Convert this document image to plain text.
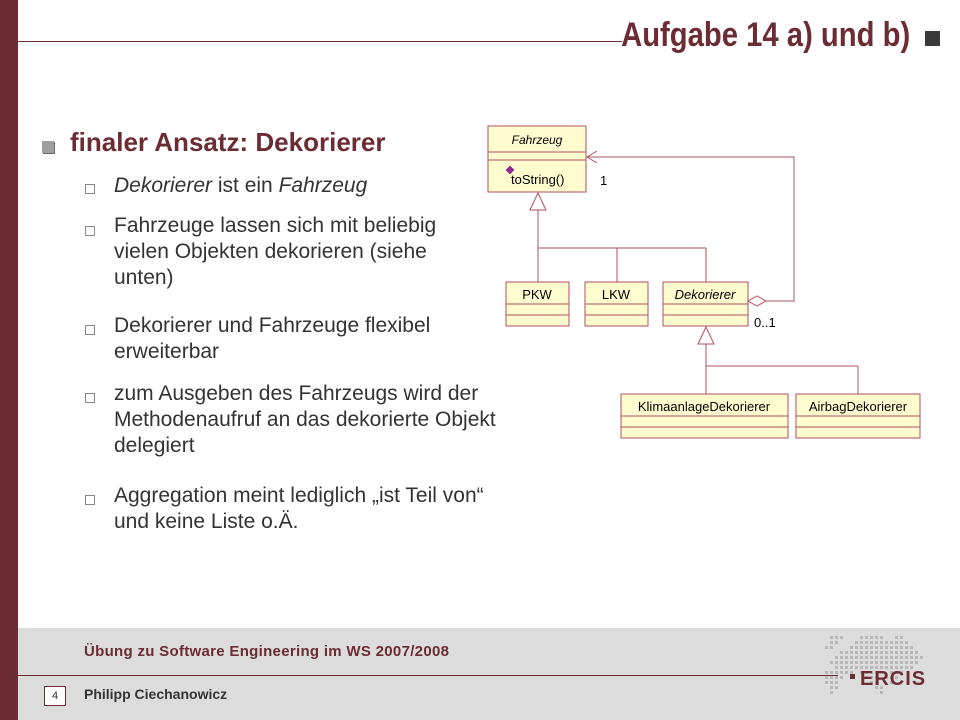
Aufgabe 14 a) und b)
finaler Ansatz: Dekorierer
Dekorierer ist ein Fahrzeug
Fahrzeuge lassen sich mit beliebig vielen Objekten dekorieren (siehe unten)
Dekorierer und Fahrzeuge flexibel erweiterbar
zum Ausgeben des Fahrzeugs wird der Methodenaufruf an das dekorierte Objekt delegiert
Aggregation meint lediglich „ist Teil von“ und keine Liste o.Ä.
Fahrzeug
toString()
PKW	LKW	Dekorierer
KlimaanlageDekorierer	AirbagDekorierer
1
0..1
Übung zu Software Engineering im WS 2007/2008
4	Philipp Ciechanowicz
ERCIS
